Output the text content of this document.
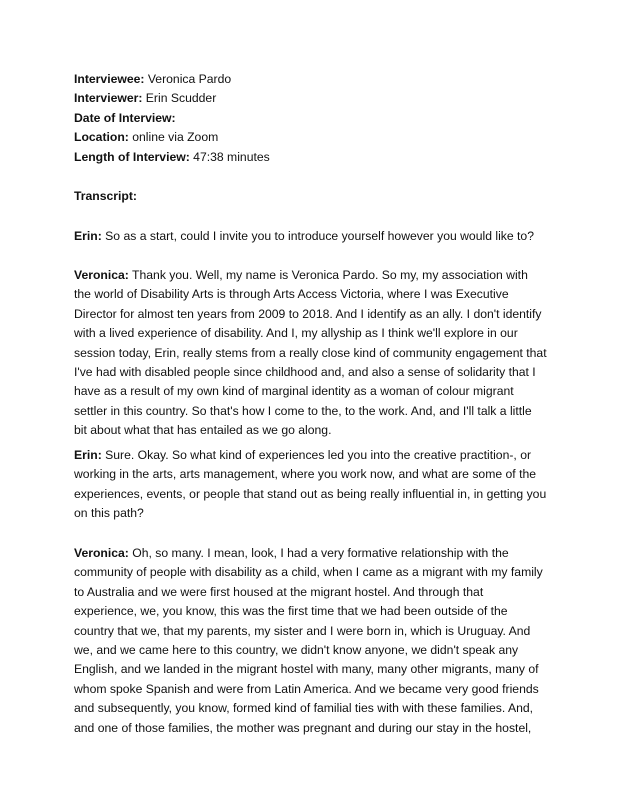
Interviewee: Veronica Pardo
Interviewer: Erin Scudder
Date of Interview:
Location: online via Zoom
Length of Interview: 47:38 minutes
Transcript:
Erin: So as a start, could I invite you to introduce yourself however you would like to?
Veronica: Thank you. Well, my name is Veronica Pardo. So my, my association with
the world of Disability Arts is through Arts Access Victoria, where I was Executive
Director for almost ten years from 2009 to 2018. And I identify as an ally. I don't identify
with a lived experience of disability. And I, my allyship as I think we'll explore in our
session today, Erin, really stems from a really close kind of community engagement that
I've had with disabled people since childhood and, and also a sense of solidarity that I
have as a result of my own kind of marginal identity as a woman of colour migrant
settler in this country. So that's how I come to the, to the work. And, and I'll talk a little
bit about what that has entailed as we go along.
Erin: Sure. Okay. So what kind of experiences led you into the creative practition-, or
working in the arts, arts management, where you work now, and what are some of the
experiences, events, or people that stand out as being really influential in, in getting you
on this path?
Veronica: Oh, so many. I mean, look, I had a very formative relationship with the
community of people with disability as a child, when I came as a migrant with my family
to Australia and we were first housed at the migrant hostel. And through that
experience, we, you know, this was the first time that we had been outside of the
country that we, that my parents, my sister and I were born in, which is Uruguay. And
we, and we came here to this country, we didn't know anyone, we didn't speak any
English, and we landed in the migrant hostel with many, many other migrants, many of
whom spoke Spanish and were from Latin America. And we became very good friends
and subsequently, you know, formed kind of familial ties with with these families. And,
and one of those families, the mother was pregnant and during our stay in the hostel,
